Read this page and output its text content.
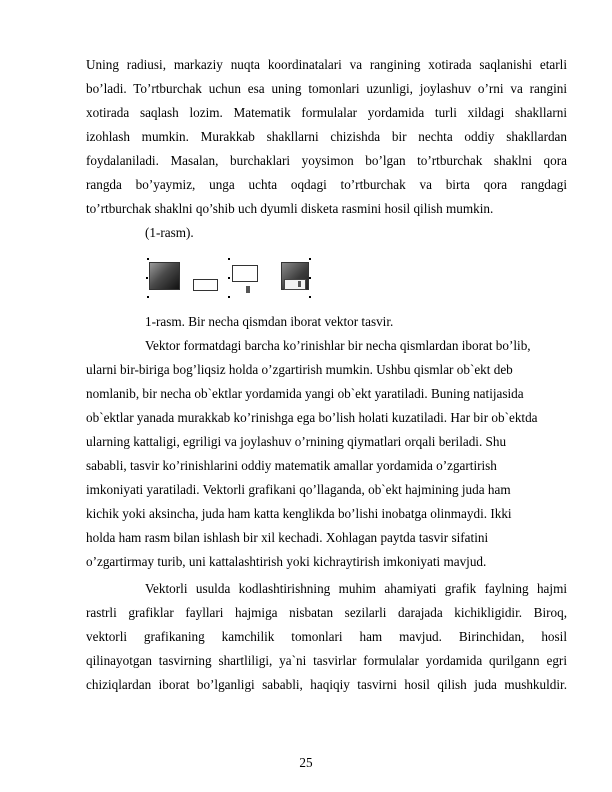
Uning radiusi, markaziy nuqta koordinatalari va rangining xotirada saqlanishi etarli
bo’ladi. To’rtburchak uchun esa uning tomonlari uzunligi, joylashuv o’rni va rangini
xotirada saqlash lozim. Matematik formulalar yordamida turli xildagi shakllarni
izohlash mumkin. Murakkab shakllarni chizishda bir nechta oddiy shakllardan
foydalaniladi. Masalan, burchaklari yoysimon bo’lgan to’rtburchak shaklni qora
rangda bo’yaymiz, unga uchta oqdagi to’rtburchak va birta qora rangdagi
to’rtburchak shaklni qo’shib uch dyumli disketa rasmini hosil qilish mumkin.
(1-rasm).
1-rasm. Bir necha qismdan iborat vektor tasvir.
Vektor formatdagi barcha ko’rinishlar bir necha qismlardan iborat bo’lib,
ularni bir-biriga bog’liqsiz holda o’zgartirish mumkin. Ushbu qismlar ob`ekt deb
nomlanib, bir necha ob`ektlar yordamida yangi ob`ekt yaratiladi. Buning natijasida
ob`ektlar yanada murakkab ko’rinishga ega bo’lish holati kuzatiladi. Har bir ob`ektda
ularning kattaligi, egriligi va joylashuv o’rnining qiymatlari orqali beriladi. Shu
sababli, tasvir ko’rinishlarini oddiy matematik amallar yordamida o’zgartirish
imkoniyati yaratiladi. Vektorli grafikani qo’llaganda, ob`ekt hajmining juda ham
kichik yoki aksincha, juda ham katta kenglikda bo’lishi inobatga olinmaydi. Ikki
holda ham rasm bilan ishlash bir xil kechadi. Xohlagan paytda tasvir sifatini
o’zgartirmay turib, uni kattalashtirish yoki kichraytirish imkoniyati mavjud.
Vektorli usulda kodlashtirishning muhim ahamiyati grafik faylning hajmi
rastrli grafiklar fayllari hajmiga nisbatan sezilarli darajada kichikligidir. Biroq,
vektorli grafikaning kamchilik tomonlari ham mavjud. Birinchidan, hosil
qilinayotgan tasvirning shartliligi, ya`ni tasvirlar formulalar yordamida qurilgann egri
chiziqlardan iborat bo’lganligi sababli, haqiqiy tasvirni hosil qilish juda mushkuldir.
25
